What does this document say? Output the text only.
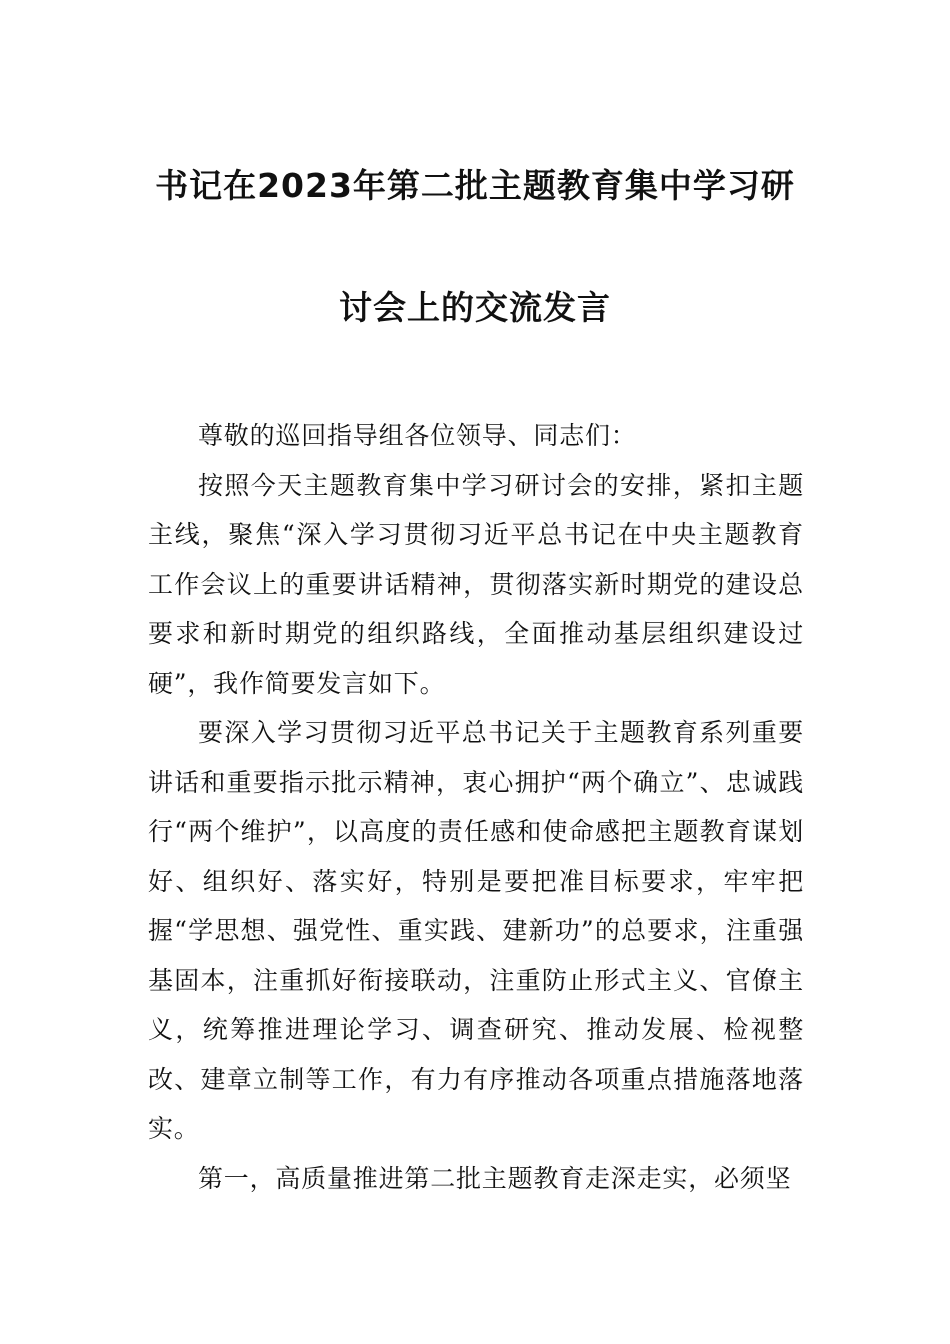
书记在2023年第二批主题教育集中学习研
讨会上的交流发言

尊敬的巡回指导组各位领导、同志们：

按照今天主题教育集中学习研讨会的安排，紧扣主题主线，聚焦“深入学习贯彻习近平总书记在中央主题教育工作会议上的重要讲话精神，贯彻落实新时期党的建设总要求和新时期党的组织路线，全面推动基层组织建设过硬”，我作简要发言如下。

要深入学习贯彻习近平总书记关于主题教育系列重要讲话和重要指示批示精神，衷心拥护“两个确立”、忠诚践行“两个维护”，以高度的责任感和使命感把主题教育谋划好、组织好、落实好，特别是要把准目标要求，牢牢把握“学思想、强党性、重实践、建新功”的总要求，注重强基固本，注重抓好衔接联动，注重防止形式主义、官僚主义，统筹推进理论学习、调查研究、推动发展、检视整改、建章立制等工作，有力有序推动各项重点措施落地落实。

第一，高质量推进第二批主题教育走深走实，必须坚
